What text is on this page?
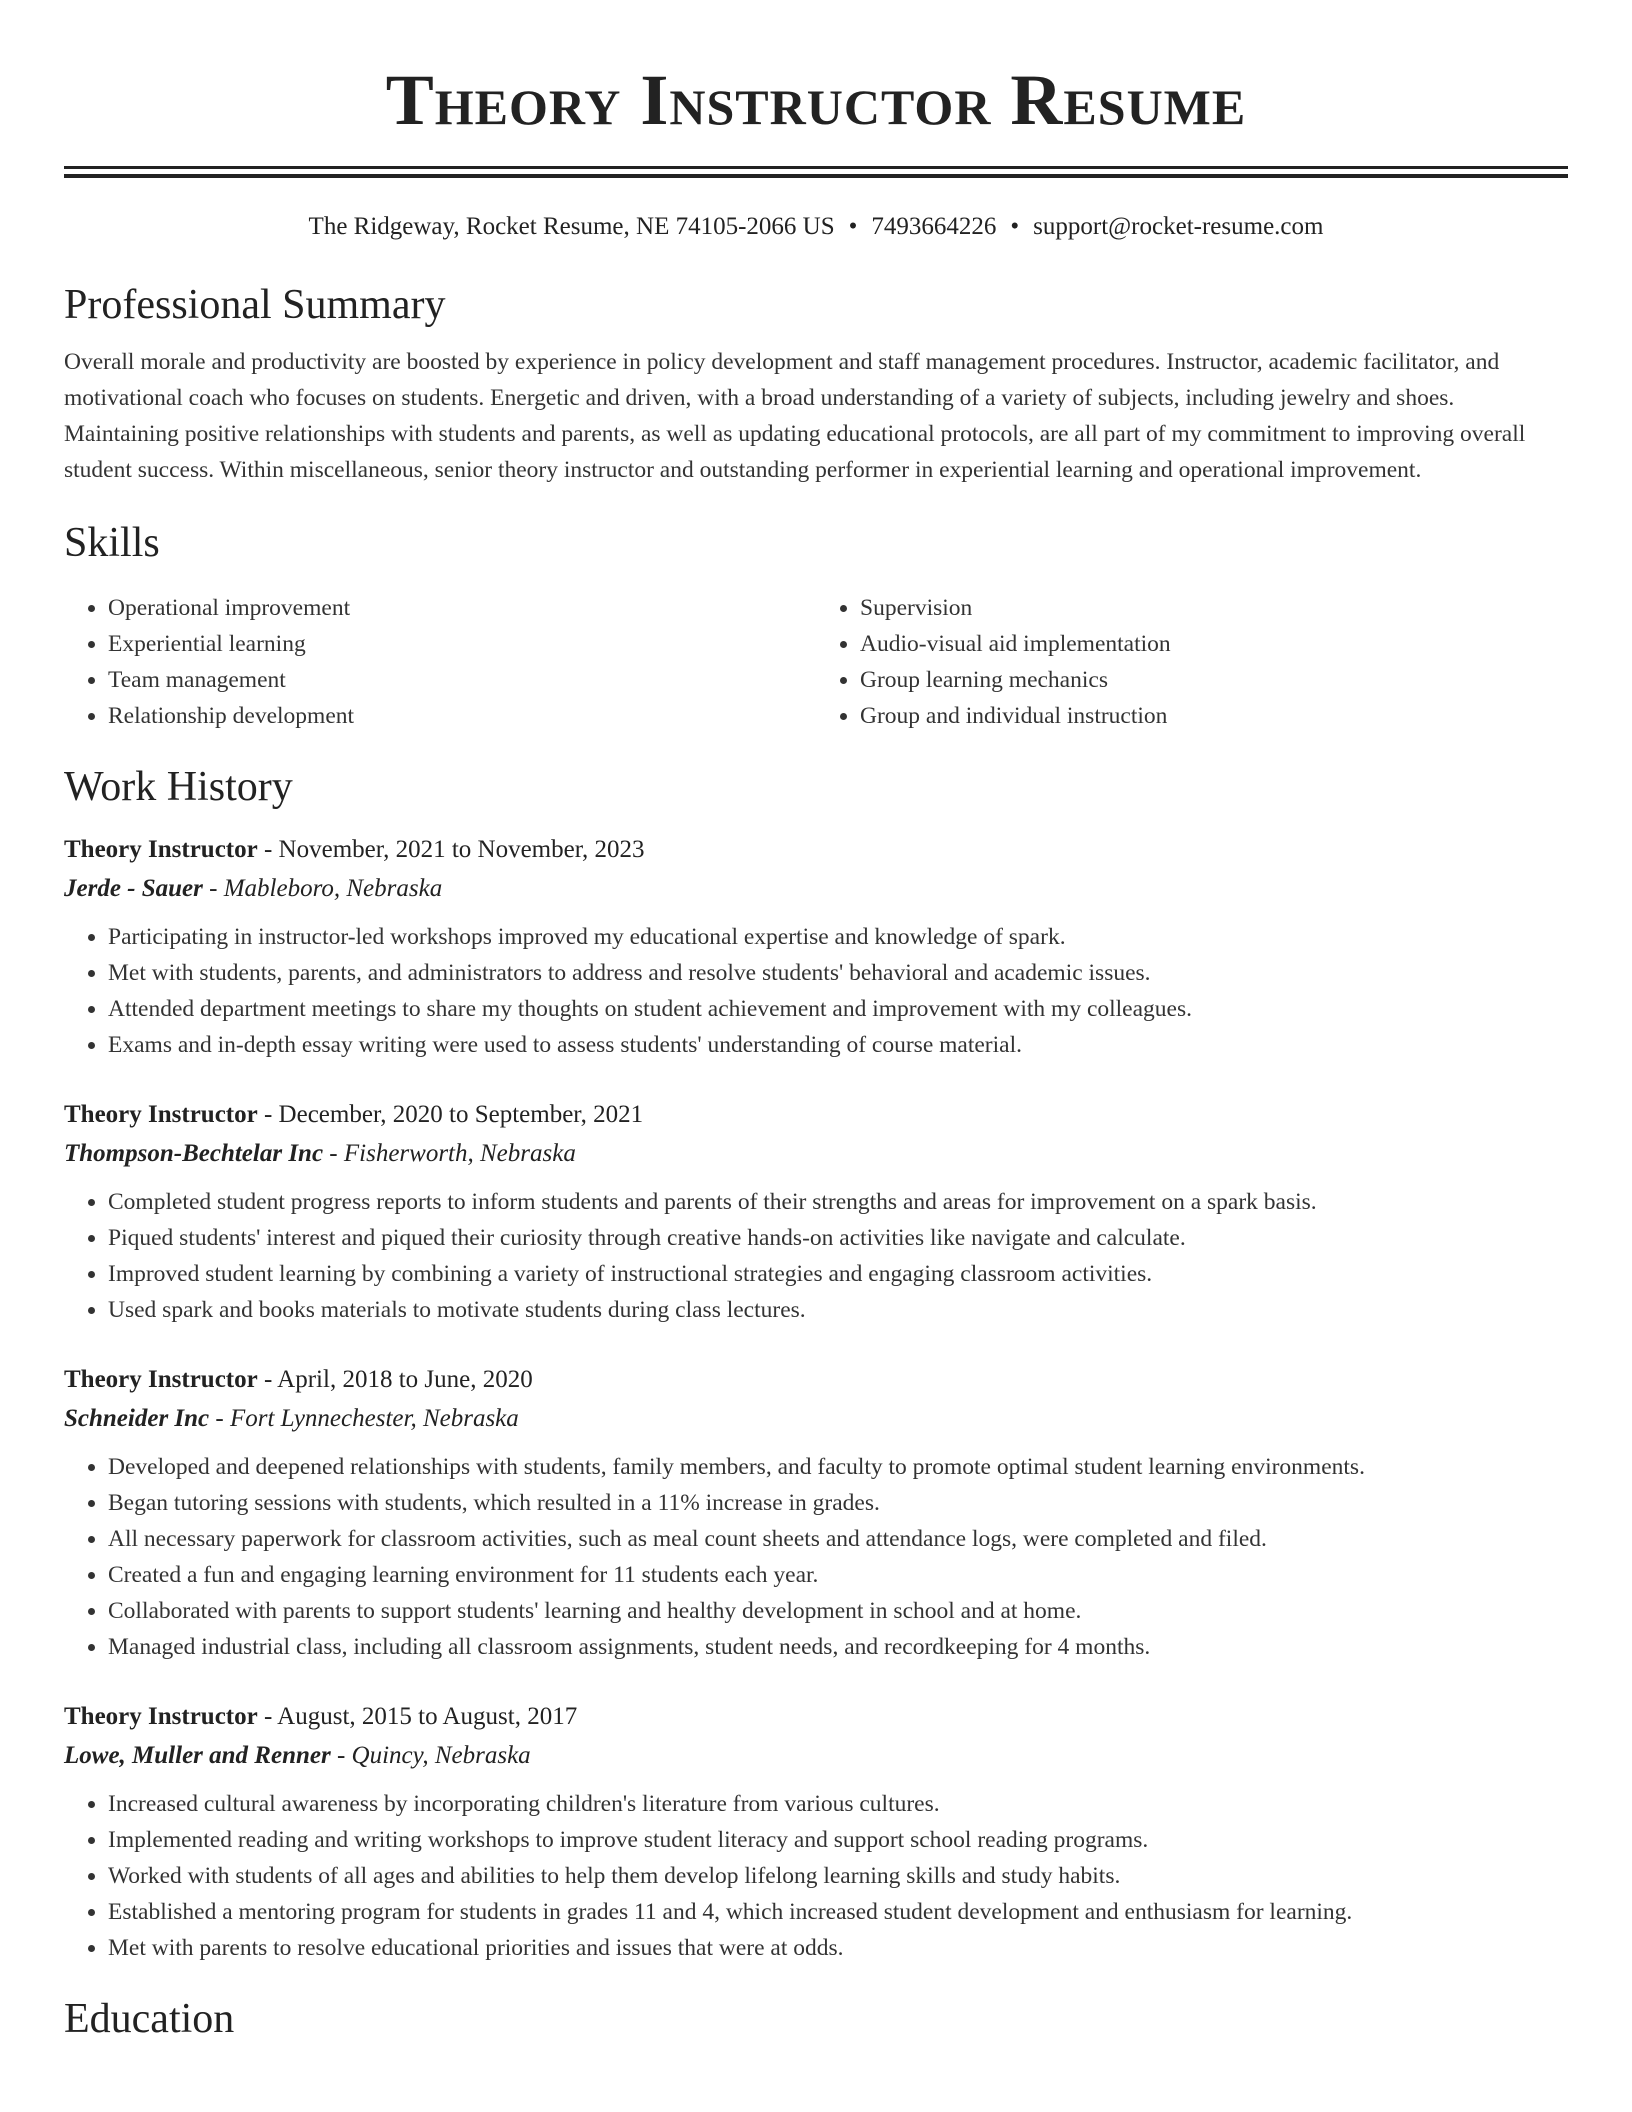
Theory Instructor Resume
The Ridgeway, Rocket Resume, NE 74105-2066 US • 7493664226 • support@rocket-resume.com
Professional Summary

Overall morale and productivity are boosted by experience in policy development and staff management procedures. Instructor, academic facilitator, and motivational coach who focuses on students. Energetic and driven, with a broad understanding of a variety of subjects, including jewelry and shoes. Maintaining positive relationships with students and parents, as well as updating educational protocols, are all part of my commitment to improving overall student success. Within miscellaneous, senior theory instructor and outstanding performer in experiential learning and operational improvement.

Skills
• Operational improvement
• Experiential learning
• Team management
• Relationship development
• Supervision
• Audio-visual aid implementation
• Group learning mechanics
• Group and individual instruction
Work History
Theory Instructor - November, 2021 to November, 2023
Jerde - Sauer - Mableboro, Nebraska
• Participating in instructor-led workshops improved my educational expertise and knowledge of spark.
• Met with students, parents, and administrators to address and resolve students' behavioral and academic issues.
• Attended department meetings to share my thoughts on student achievement and improvement with my colleagues.
• Exams and in-depth essay writing were used to assess students' understanding of course material.
Theory Instructor - December, 2020 to September, 2021
Thompson-Bechtelar Inc - Fisherworth, Nebraska
• Completed student progress reports to inform students and parents of their strengths and areas for improvement on a spark basis.
• Piqued students' interest and piqued their curiosity through creative hands-on activities like navigate and calculate.
• Improved student learning by combining a variety of instructional strategies and engaging classroom activities.
• Used spark and books materials to motivate students during class lectures.
Theory Instructor - April, 2018 to June, 2020
Schneider Inc - Fort Lynnechester, Nebraska
• Developed and deepened relationships with students, family members, and faculty to promote optimal student learning environments.
• Began tutoring sessions with students, which resulted in a 11% increase in grades.
• All necessary paperwork for classroom activities, such as meal count sheets and attendance logs, were completed and filed.
• Created a fun and engaging learning environment for 11 students each year.
• Collaborated with parents to support students' learning and healthy development in school and at home.
• Managed industrial class, including all classroom assignments, student needs, and recordkeeping for 4 months.
Theory Instructor - August, 2015 to August, 2017
Lowe, Muller and Renner - Quincy, Nebraska
• Increased cultural awareness by incorporating children's literature from various cultures.
• Implemented reading and writing workshops to improve student literacy and support school reading programs.
• Worked with students of all ages and abilities to help them develop lifelong learning skills and study habits.
• Established a mentoring program for students in grades 11 and 4, which increased student development and enthusiasm for learning.
• Met with parents to resolve educational priorities and issues that were at odds.
Education
